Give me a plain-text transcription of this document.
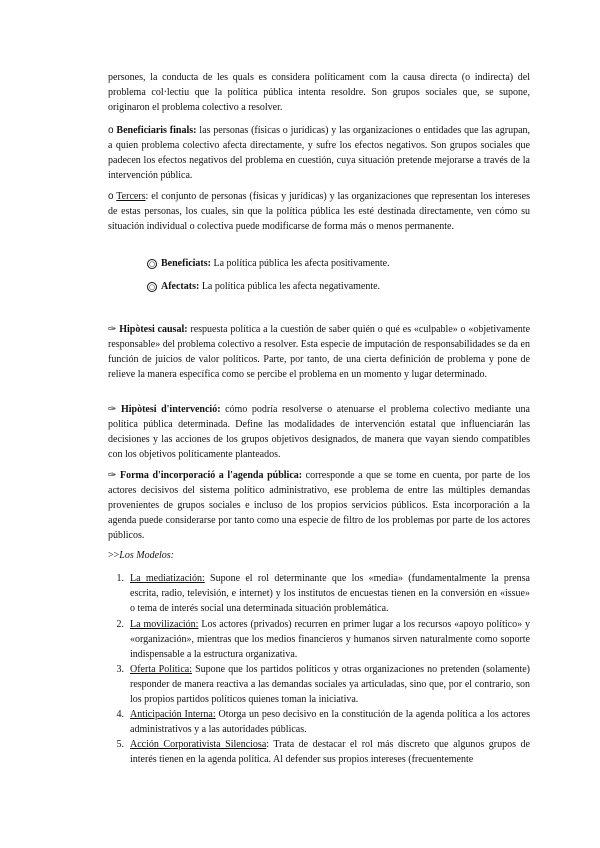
persones, la conducta de les quals es considera políticament com la causa directa (o indirecta) del problema col·lectiu que la política pública intenta resoldre. Son grupos sociales que, se supone, originaron el problema colectivo a resolver.

o Beneficiaris finals: las personas (físicas o jurídicas) y las organizaciones o entidades que las agrupan, a quien problema colectivo afecta directamente, y sufre los efectos negativos. Son grupos sociales que padecen los efectos negativos del problema en cuestión, cuya situación pretende mejorarse a través de la intervención pública.

o Tercers: el conjunto de personas (físicas y jurídicas) y las organizaciones que representan los intereses de estas personas, los cuales, sin que la política pública les esté destinada directamente, ven cómo su situación individual o colectiva puede modificarse de forma más o menos permanente.

○ Beneficiats: La política pública les afecta positivamente.

○ Afectats: La política pública les afecta negativamente.

✑ Hipòtesi causal: respuesta política a la cuestión de saber quién o qué es «culpable» o «objetivamente responsable» del problema colectivo a resolver. Esta especie de imputación de responsabilidades se da en función de juicios de valor políticos. Parte, por tanto, de una cierta definición de problema y pone de relieve la manera específica como se percibe el problema en un momento y lugar determinado.

✑ Hipòtesi d'intervenció: cómo podría resolverse o atenuarse el problema colectivo mediante una política pública determinada. Define las modalidades de intervención estatal que influenciarán las decisiones y las acciones de los grupos objetivos designados, de manera que vayan siendo compatibles con los objetivos políticamente planteados.

✑ Forma d'incorporació a l'agenda pública: corresponde a que se tome en cuenta, por parte de los actores decisivos del sistema político administrativo, ese problema de entre las múltiples demandas provenientes de grupos sociales e incluso de los propios servicios públicos. Esta incorporación a la agenda puede considerarse por tanto como una especie de filtro de los problemas por parte de los actores públicos.

>>Los Modelos:

1. La mediatización: Supone el rol determinante que los «media» (fundamentalmente la prensa escrita, radio, televisión, e internet) y los institutos de encuestas tienen en la conversión en «issue» o tema de interés social una determinada situación problemática.

2. La movilización: Los actores (privados) recurren en primer lugar a los recursos «apoyo político» y «organización», mientras que los medios financieros y humanos sirven naturalmente como soporte indispensable a la estructura organizativa.

3. Oferta Política: Supone que los partidos políticos y otras organizaciones no pretenden (solamente) responder de manera reactiva a las demandas sociales ya articuladas, sino que, por el contrario, son los propios partidos políticos quienes toman la iniciativa.

4. Anticipación Interna: Otorga un peso decisivo en la constitución de la agenda política a los actores administrativos y a las autoridades públicas.

5. Acción Corporativista Silenciosa: Trata de destacar el rol más discreto que algunos grupos de interés tienen en la agenda política. Al defender sus propios intereses (frecuentemente
